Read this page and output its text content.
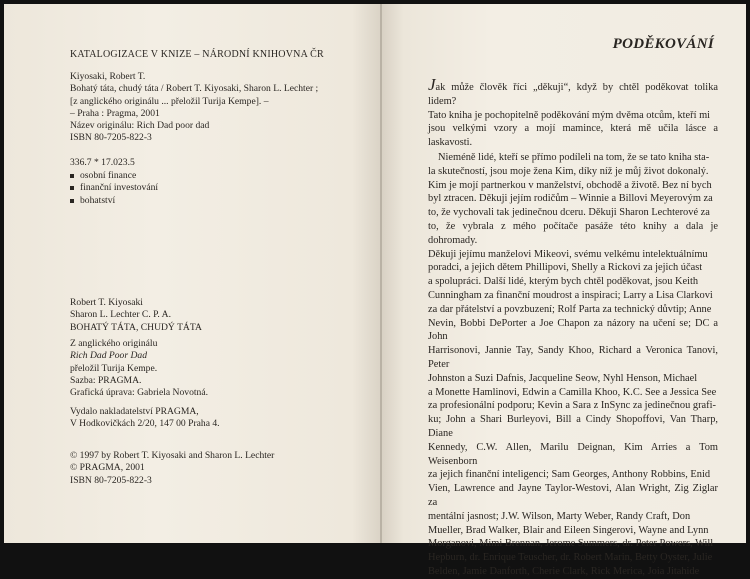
KATALOGIZACE V KNIZE – NÁRODNÍ KNIHOVNA ČR
Kiyosaki, Robert T.
Bohatý táta, chudý táta / Robert T. Kiyosaki, Sharon L. Lechter ;
[z anglického originálu ... přeložil Turija Kempe]. –
– Praha : Pragma, 2001
Název originálu: Rich Dad poor dad
ISBN 80-7205-822-3
336.7 * 17.023.5
osobní finance
finanční investování
bohatství
Robert T. Kiyosaki
Sharon L. Lechter C. P. A.
BOHATÝ TÁTA, CHUDÝ TÁTA
Z anglického originálu
Rich Dad Poor Dad
přeložil Turija Kempe.
Sazba: PRAGMA.
Grafická úprava: Gabriela Novotná.
Vydalo nakladatelství PRAGMA,
V Hodkovičkách 2/20, 147 00 Praha 4.
© 1997 by Robert T. Kiyosaki and Sharon L. Lechter
© PRAGMA, 2001
ISBN 80-7205-822-3
PODĚKOVÁNÍ
Jak může člověk říci „děkuji“, když by chtěl poděkovat tolika lidem?
Tato kniha je pochopitelně poděkování mým dvěma otcům, kteří mi
jsou velkými vzory a mojí mamince, která mě učila lásce a laskavosti.
Nieméně lidé, kteří se přímo podíleli na tom, že se tato kniha sta-
la skutečností, jsou moje žena Kim, díky níž je můj život dokonalý.
Kim je mojí partnerkou v manželství, obchodě a životě. Bez ní bych
byl ztracen. Děkuji jejím rodičům – Winnie a Billovi Meyerovým za
to, že vychovali tak jedinečnou dceru. Děkuji Sharon Lechterové za
to, že vybrala z mého počítače pasáže této knihy a dala je dohromady.
Děkuji jejímu manželovi Mikeovi, svému velkému intelektuálnímu
poradci, a jejich dětem Phillipovi, Shelly a Rickovi za jejich účast
a spolupráci. Další lidé, kterým bych chtěl poděkovat, jsou Keith
Cunningham za finanční moudrost a inspiraci; Larry a Lisa Clarkovi
za dar přátelství a povzbuzení; Rolf Parta za technický důvtip; Anne
Nevin, Bobbi DePorter a Joe Chapon za názory na učení se; DC a John
Harrisonovi, Jannie Tay, Sandy Khoo, Richard a Veronica Tanovi, Peter
Johnston a Suzi Dafnis, Jacqueline Seow, Nyhl Henson, Michael
a Monette Hamlinovi, Edwin a Camilla Khoo, K.C. See a Jessica See
za profesionální podporu; Kevin a Sara z InSync za jedinečnou grafi-
ku; John a Shari Burleyovi, Bill a Cindy Shopoffovi, Van Tharp, Diane
Kennedy, C.W. Allen, Marilu Deignan, Kim Arries a Tom Weisenborn
za jejich finanční inteligenci; Sam Georges, Anthony Robbins, Enid
Vien, Lawrence and Jayne Taylor-Westovi, Alan Wright, Zig Ziglar za
mentální jasnost; J.W. Wilson, Marty Weber, Randy Craft, Don
Mueller, Brad Walker, Blair and Eileen Singerovi, Wayne and Lynn
Morganovi, Mimi Brennan, Jerome Summers, dr. Peter Powers, Will
Hepburn, dr. Enrique Teuscher, dr. Robert Marin, Betty Oyster, Julie
Belden, Jamie Danforth, Cherie Clark, Rick Merica, Joia Jitahide
